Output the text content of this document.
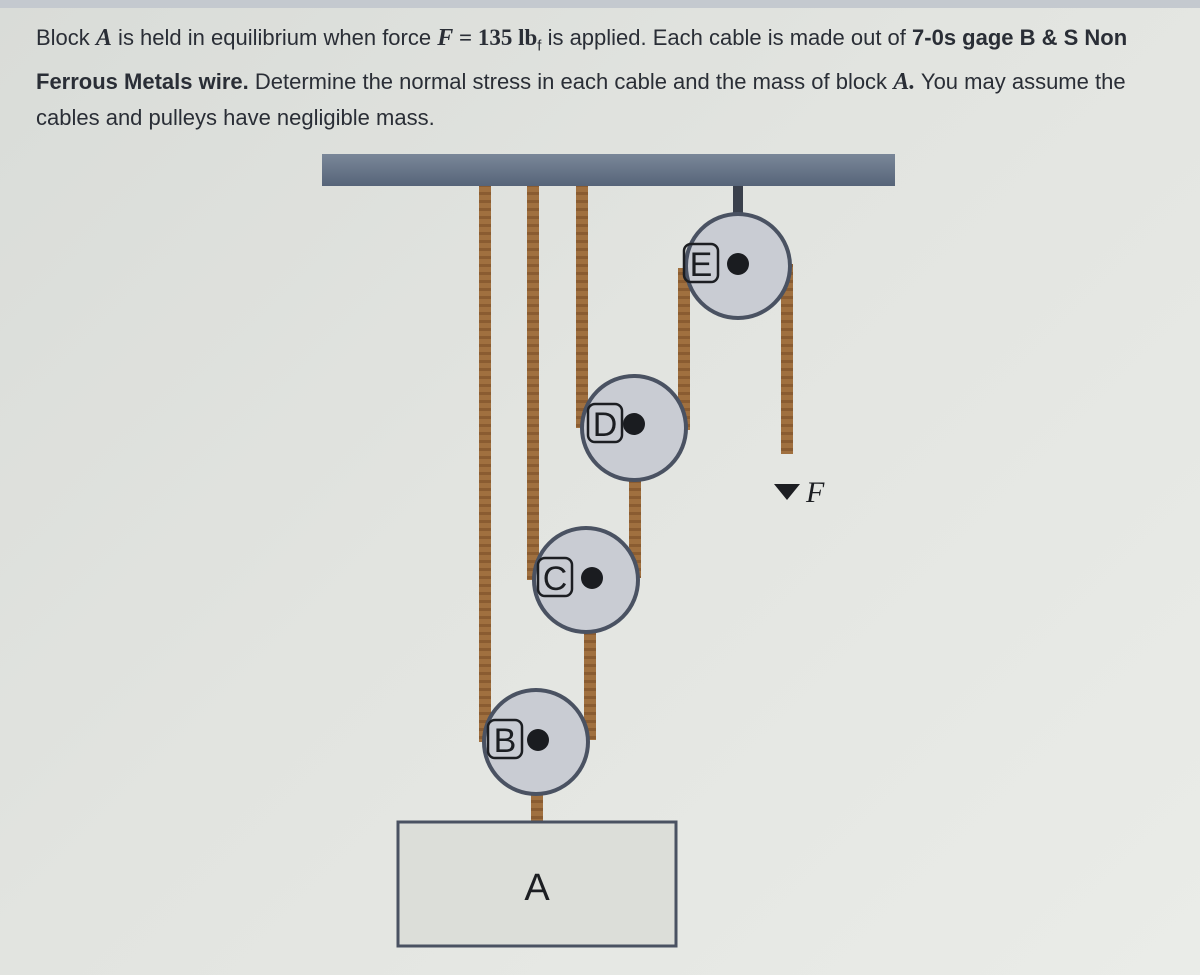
Block A is held in equilibrium when force F = 135 $lb_f$ is applied. Each cable is made out of 7-0s gage B & S Non Ferrous Metals wire. Determine the normal stress in each cable and the mass of block A. You may assume the cables and pulleys have negligible mass.
E
D
C
B
A
F
